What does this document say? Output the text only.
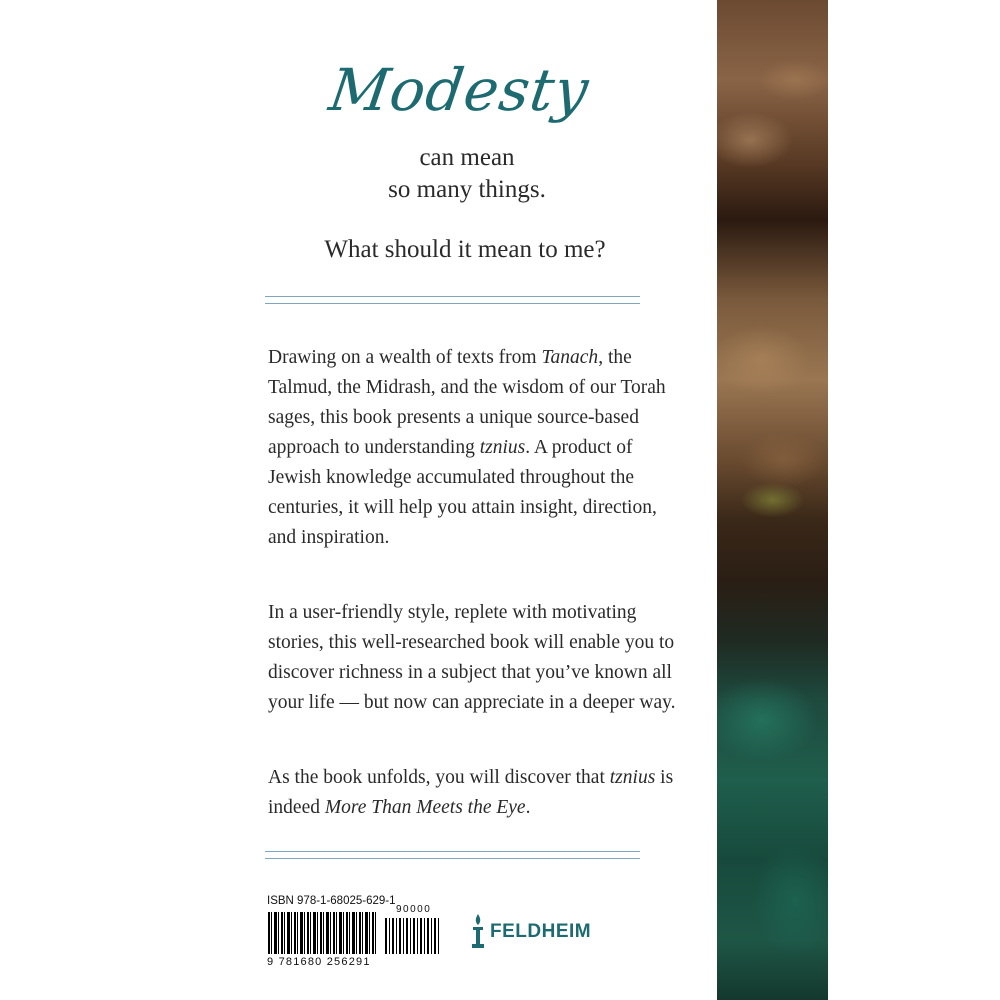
Modesty
can mean
so many things.
What should it mean to me?

Drawing on a wealth of texts from Tanach, the Talmud, the Midrash, and the wisdom of our Torah sages, this book presents a unique source-based approach to understanding tznius. A product of Jewish knowledge accumulated throughout the centuries, it will help you attain insight, direction, and inspiration.

In a user-friendly style, replete with motivating stories, this well-researched book will enable you to discover richness in a subject that you’ve known all your life — but now can appreciate in a deeper way.

As the book unfolds, you will discover that tznius is indeed More Than Meets the Eye.

ISBN 978-1-68025-629-1
90000
9 781680 256291
FELDHEIM
